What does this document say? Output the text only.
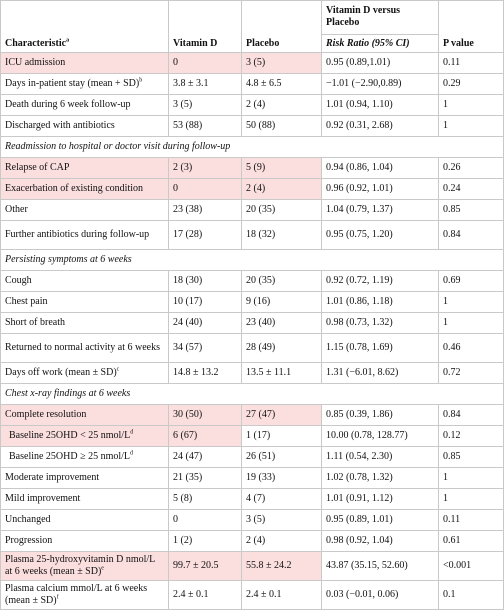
Characteristic$^a$	Vitamin D	Placebo	Vitamin D versus Placebo
Risk Ratio (95% CI)	P value
ICU admission	0	3 (5)	0.95 (0.89,1.01)	0.11
Days in-patient stay (mean + SD)$^b$	3.8 ± 3.1	4.8 ± 6.5	−1.01 (−2.90,0.89)	0.29
Death during 6 week follow-up	3 (5)	2 (4)	1.01 (0.94, 1.10)	1
Discharged with antibiotics	53 (88)	50 (88)	0.92 (0.31, 2.68)	1
Readmission to hospital or doctor visit during follow-up				
Relapse of CAP	2 (3)	5 (9)	0.94 (0.86, 1.04)	0.26
Exacerbation of existing condition	0	2 (4)	0.96 (0.92, 1.01)	0.24
Other	23 (38)	20 (35)	1.04 (0.79, 1.37)	0.85
Further antibiotics during follow-up	17 (28)	18 (32)	0.95 (0.75, 1.20)	0.84
Persisting symptoms at 6 weeks				
Cough	18 (30)	20 (35)	0.92 (0.72, 1.19)	0.69
Chest pain	10 (17)	9 (16)	1.01 (0.86, 1.18)	1
Short of breath	24 (40)	23 (40)	0.98 (0.73, 1.32)	1
Returned to normal activity at 6 weeks	34 (57)	28 (49)	1.15 (0.78, 1.69)	0.46
Days off work (mean ± SD)$^c$	14.8 ± 13.2	13.5 ± 11.1	1.31 (−6.01, 8.62)	0.72
Chest x-ray findings at 6 weeks				
Complete resolution	30 (50)	27 (47)	0.85 (0.39, 1.86)	0.84
Baseline 25OHD < 25 nmol/$L^d$	6 (67)	1 (17)	10.00 (0.78, 128.77)	0.12
Baseline 25OHD ≥ 25 nmol/$L^d$	24 (47)	26 (51)	1.11 (0.54, 2.30)	0.85
Moderate improvement	21 (35)	19 (33)	1.02 (0.78, 1.32)	1
Mild improvement	5 (8)	4 (7)	1.01 (0.91, 1.12)	1
Unchanged	0	3 (5)	0.95 (0.89, 1.01)	0.11
Progression	1 (2)	2 (4)	0.98 (0.92, 1.04)	0.61
Plasma 25-hydroxyvitamin D nmol/L at 6 weeks (mean ± SD)$^e$	99.7 ± 20.5	55.8 ± 24.2	43.87 (35.15, 52.60)	<0.001
Plasma calcium mmol/L at 6 weeks (mean ± SD)$^f$	2.4 ± 0.1	2.4 ± 0.1	0.03 (−0.01, 0.06)	0.1
